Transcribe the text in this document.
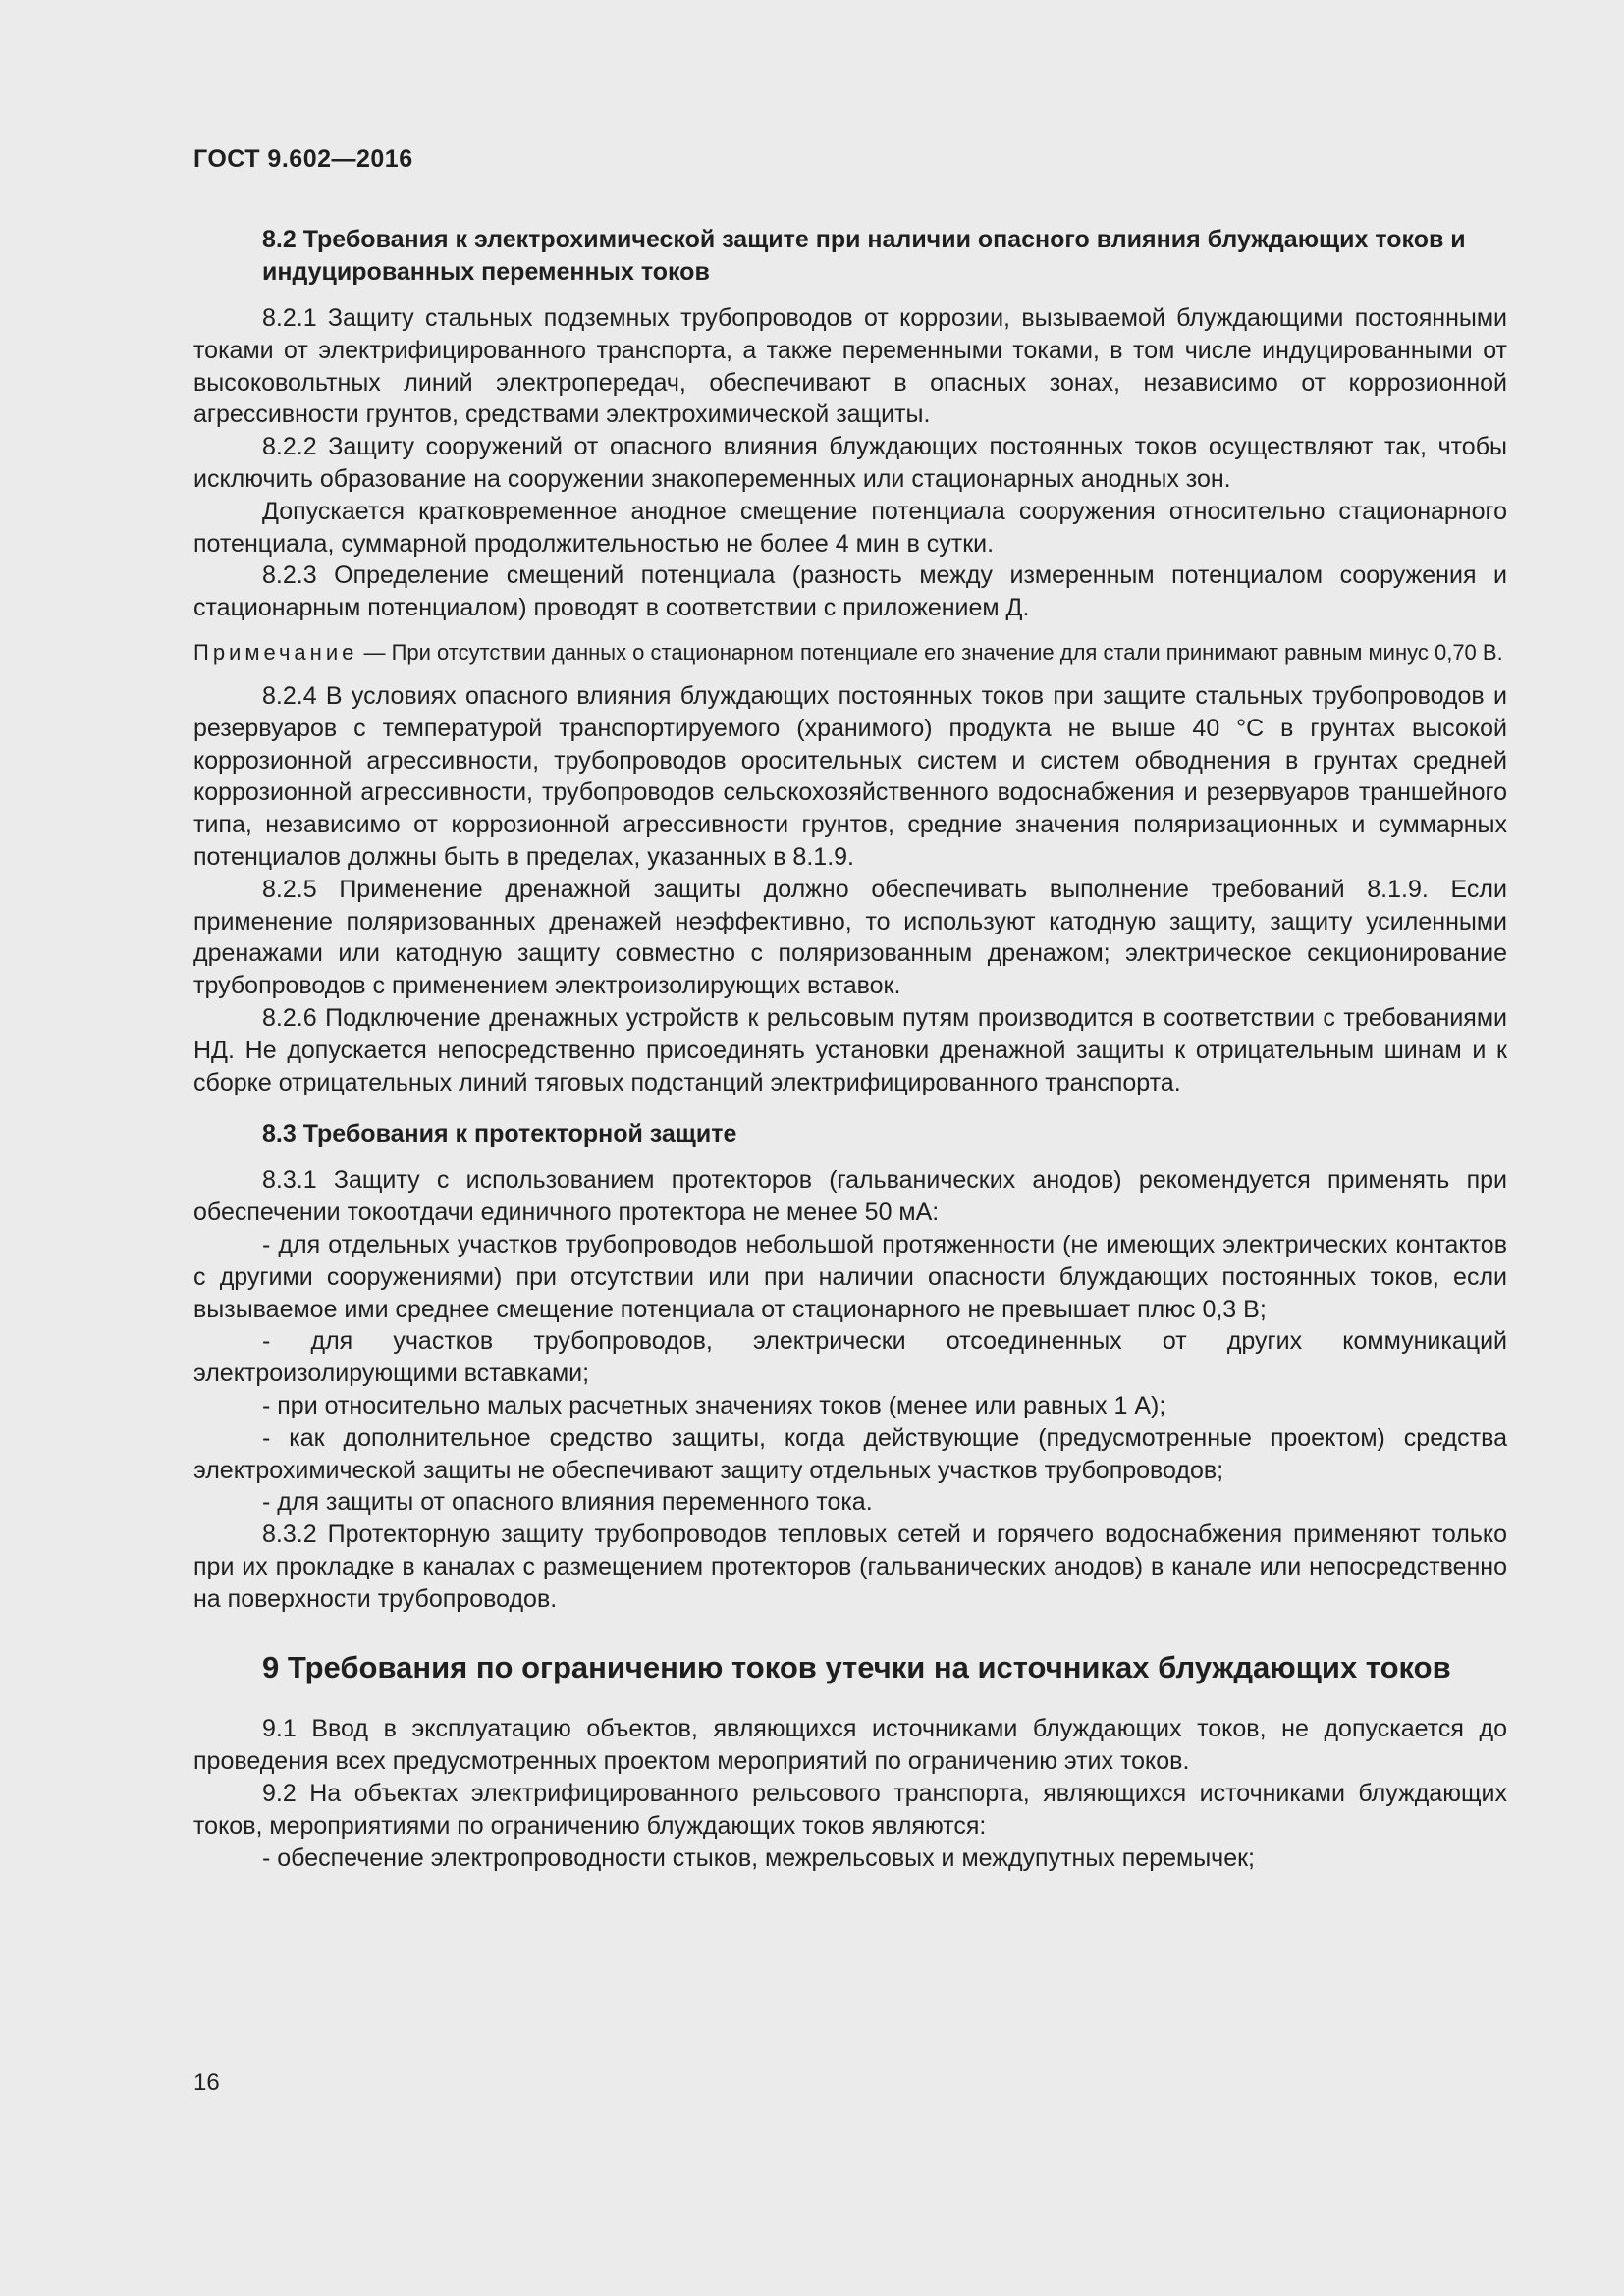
ГОСТ 9.602—2016

8.2 Требования к электрохимической защите при наличии опасного влияния блуждающих токов и индуцированных переменных токов

8.2.1 Защиту стальных подземных трубопроводов от коррозии, вызываемой блуждающими постоянными токами от электрифицированного транспорта, а также переменными токами, в том числе индуцированными от высоковольтных линий электропередач, обеспечивают в опасных зонах, независимо от коррозионной агрессивности грунтов, средствами электрохимической защиты.

8.2.2 Защиту сооружений от опасного влияния блуждающих постоянных токов осуществляют так, чтобы исключить образование на сооружении знакопеременных или стационарных анодных зон.

Допускается кратковременное анодное смещение потенциала сооружения относительно стационарного потенциала, суммарной продолжительностью не более 4 мин в сутки.

8.2.3 Определение смещений потенциала (разность между измеренным потенциалом сооружения и стационарным потенциалом) проводят в соответствии с приложением Д.

Примечание — При отсутствии данных о стационарном потенциале его значение для стали принимают равным минус 0,70 В.

8.2.4 В условиях опасного влияния блуждающих постоянных токов при защите стальных трубопроводов и резервуаров с температурой транспортируемого (хранимого) продукта не выше 40 °С в грунтах высокой коррозионной агрессивности, трубопроводов оросительных систем и систем обводнения в грунтах средней коррозионной агрессивности, трубопроводов сельскохозяйственного водоснабжения и резервуаров траншейного типа, независимо от коррозионной агрессивности грунтов, средние значения поляризационных и суммарных потенциалов должны быть в пределах, указанных в 8.1.9.

8.2.5 Применение дренажной защиты должно обеспечивать выполнение требований 8.1.9. Если применение поляризованных дренажей неэффективно, то используют катодную защиту, защиту усиленными дренажами или катодную защиту совместно с поляризованным дренажом; электрическое секционирование трубопроводов с применением электроизолирующих вставок.

8.2.6 Подключение дренажных устройств к рельсовым путям производится в соответствии с требованиями НД. Не допускается непосредственно присоединять установки дренажной защиты к отрицательным шинам и к сборке отрицательных линий тяговых подстанций электрифицированного транспорта.

8.3 Требования к протекторной защите

8.3.1 Защиту с использованием протекторов (гальванических анодов) рекомендуется применять при обеспечении токоотдачи единичного протектора не менее 50 мА:

- для отдельных участков трубопроводов небольшой протяженности (не имеющих электрических контактов с другими сооружениями) при отсутствии или при наличии опасности блуждающих постоянных токов, если вызываемое ими среднее смещение потенциала от стационарного не превышает плюс 0,3 В;

- для участков трубопроводов, электрически отсоединенных от других коммуникаций электроизолирующими вставками;

- при относительно малых расчетных значениях токов (менее или равных 1 А);

- как дополнительное средство защиты, когда действующие (предусмотренные проектом) средства электрохимической защиты не обеспечивают защиту отдельных участков трубопроводов;

- для защиты от опасного влияния переменного тока.

8.3.2 Протекторную защиту трубопроводов тепловых сетей и горячего водоснабжения применяют только при их прокладке в каналах с размещением протекторов (гальванических анодов) в канале или непосредственно на поверхности трубопроводов.

9 Требования по ограничению токов утечки на источниках блуждающих токов

9.1 Ввод в эксплуатацию объектов, являющихся источниками блуждающих токов, не допускается до проведения всех предусмотренных проектом мероприятий по ограничению этих токов.

9.2 На объектах электрифицированного рельсового транспорта, являющихся источниками блуждающих токов, мероприятиями по ограничению блуждающих токов являются:

- обеспечение электропроводности стыков, межрельсовых и междупутных перемычек;

16
